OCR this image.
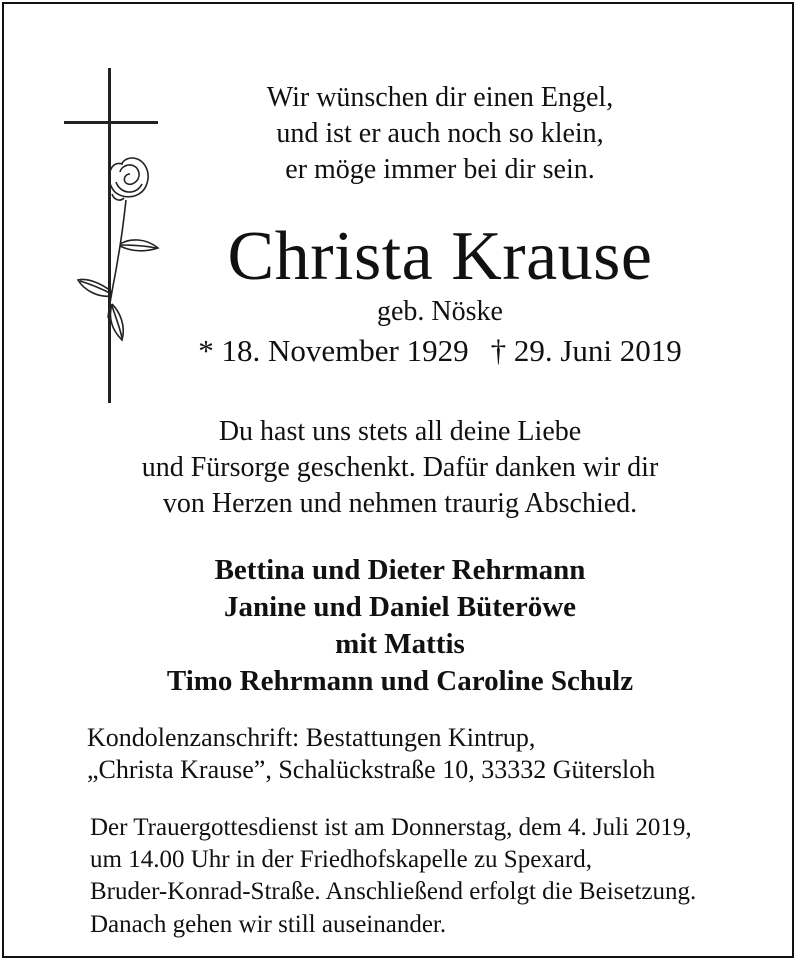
Wir wünschen dir einen Engel,
und ist er auch noch so klein,
er möge immer bei dir sein.
Christa Krause
geb. Nöske
* 18. November 1929 † 29. Juni 2019
Du hast uns stets all deine Liebe
und Fürsorge geschenkt. Dafür danken wir dir
von Herzen und nehmen traurig Abschied.
Bettina und Dieter Rehrmann
Janine und Daniel Büteröwe
mit Mattis
Timo Rehrmann und Caroline Schulz
Kondolenzanschrift: Bestattungen Kintrup,
„Christa Krause”, Schalückstraße 10, 33332 Gütersloh
Der Trauergottesdienst ist am Donnerstag, dem 4. Juli 2019,
um 14.00 Uhr in der Friedhofskapelle zu Spexard,
Bruder-Konrad-Straße. Anschließend erfolgt die Beisetzung.
Danach gehen wir still auseinander.
